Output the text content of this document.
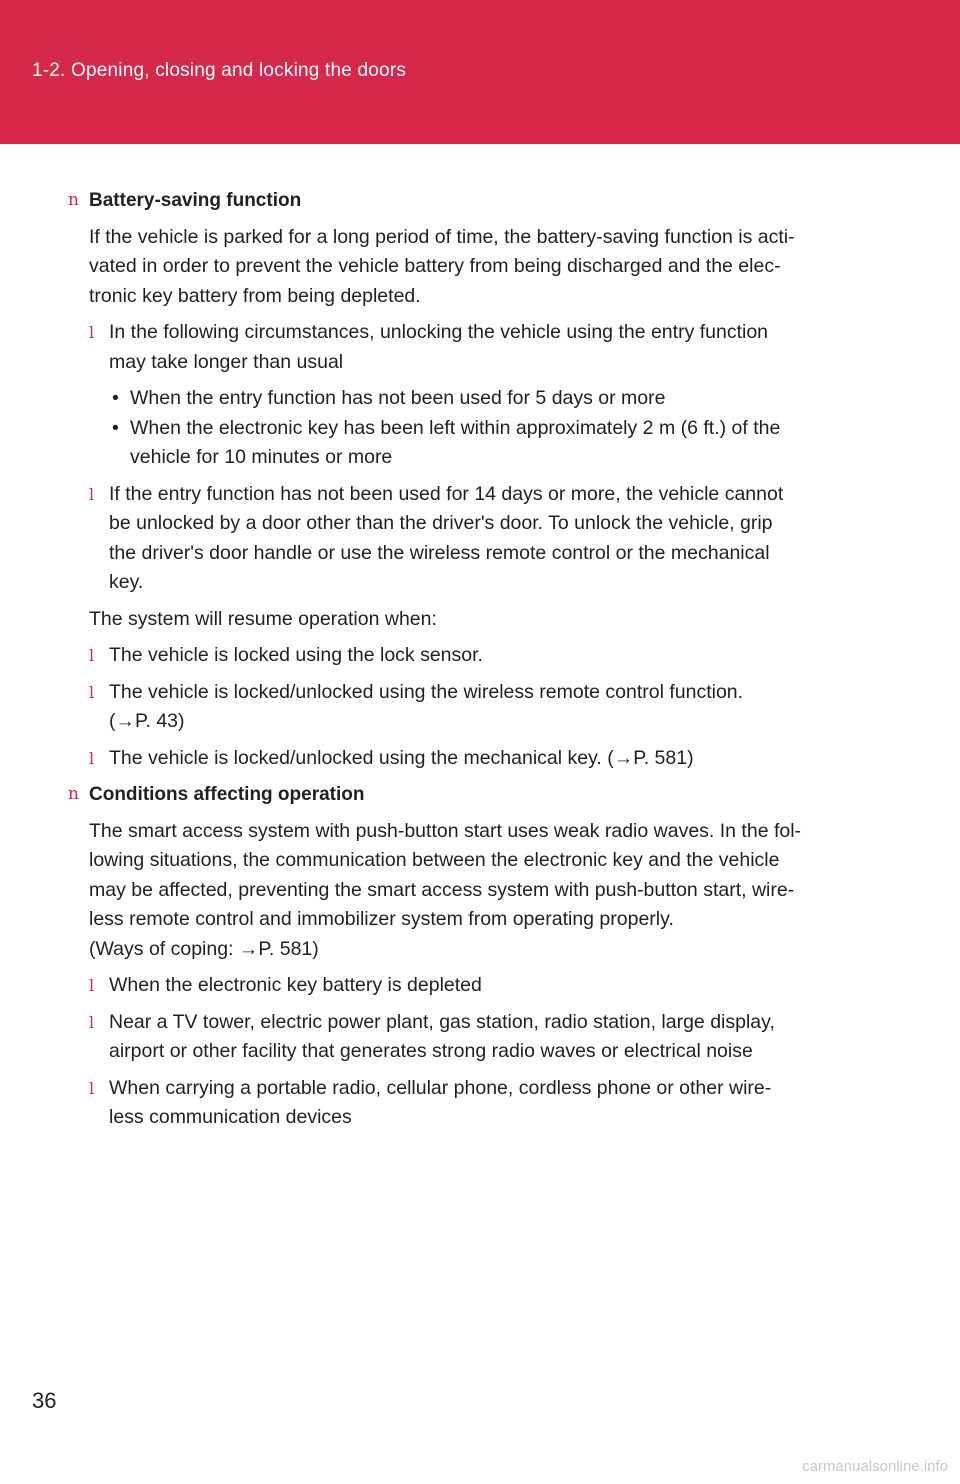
1-2. Opening, closing and locking the doors
n Battery-saving function
If the vehicle is parked for a long period of time, the battery-saving function is acti-
vated in order to prevent the vehicle battery from being discharged and the elec-
tronic key battery from being depleted.
l In the following circumstances, unlocking the vehicle using the entry function
may take longer than usual
• When the entry function has not been used for 5 days or more
• When the electronic key has been left within approximately 2 m (6 ft.) of the
vehicle for 10 minutes or more
l If the entry function has not been used for 14 days or more, the vehicle cannot
be unlocked by a door other than the driver's door. To unlock the vehicle, grip
the driver's door handle or use the wireless remote control or the mechanical
key.
The system will resume operation when:
l The vehicle is locked using the lock sensor.
l The vehicle is locked/unlocked using the wireless remote control function.
(→P. 43)
l The vehicle is locked/unlocked using the mechanical key. (→P. 581)
n Conditions affecting operation
The smart access system with push-button start uses weak radio waves. In the fol-
lowing situations, the communication between the electronic key and the vehicle
may be affected, preventing the smart access system with push-button start, wire-
less remote control and immobilizer system from operating properly.
(Ways of coping: →P. 581)
l When the electronic key battery is depleted
l Near a TV tower, electric power plant, gas station, radio station, large display,
airport or other facility that generates strong radio waves or electrical noise
l When carrying a portable radio, cellular phone, cordless phone or other wire-
less communication devices
36
carmanualsonline.info
